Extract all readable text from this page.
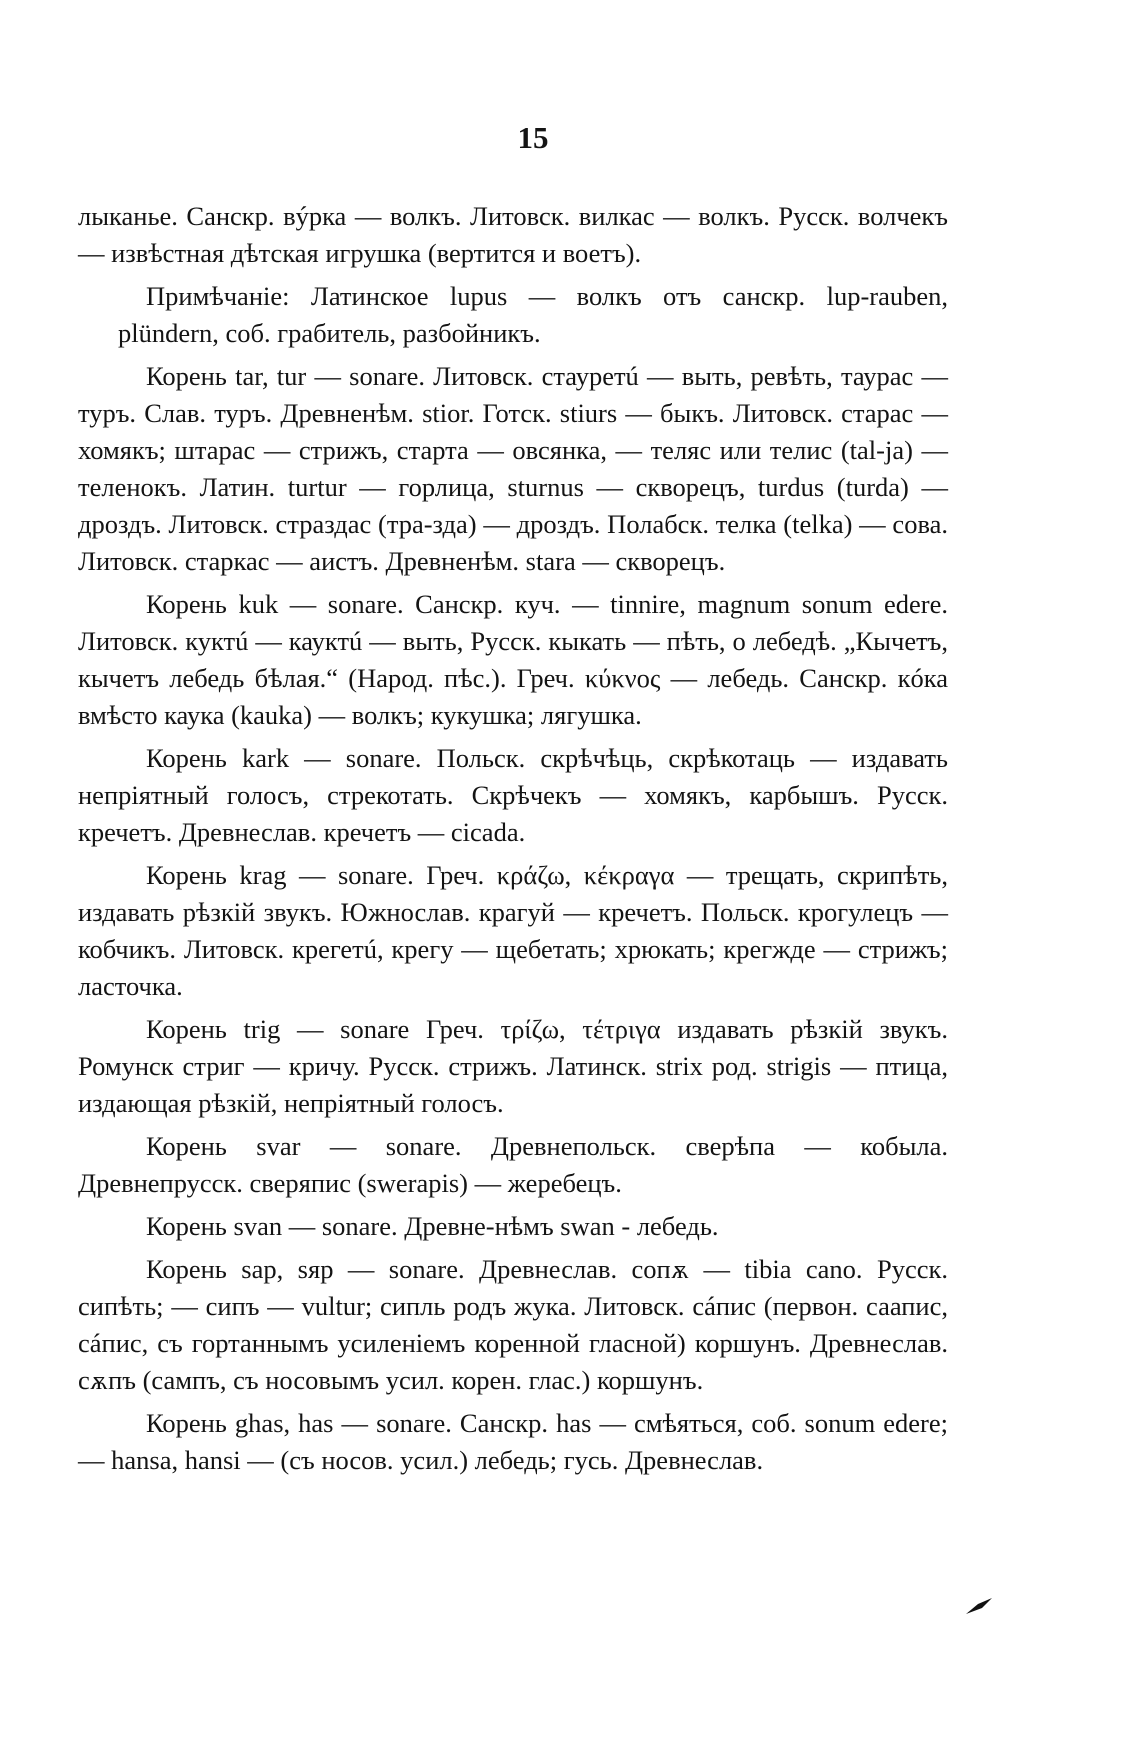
15

лыканье. Санскр. вýрка — волкъ. Литовск. вилкас — волкъ. Русск. волчекъ — извѣстная дѣтская игрушка (вертится и воетъ).

Примѣчаніе: Латинское lupus — волкъ отъ санскр. lup-rauben, plündern, соб. грабитель, разбойникъ.

Корень tar, tur — sonare. Литовск. стауретú — выть, ревѣть, таурас — туръ. Слав. туръ. Древненѣм. stior. Готск. stiurs — быкъ. Литовск. старас — хомякъ; штарас — стрижъ, старта — овсянка, — теляс или телис (tal-ja) — теленокъ. Латин. turtur — горлица, sturnus — скворецъ, turdus (turda) — дроздъ. Литовск. страздас (тра-зда) — дроздъ. Полабск. телка (telka) — сова. Литовск. старкас — аистъ. Древненѣм. stara — скворецъ.

Корень kuk — sonare. Санскр. куч. — tinnire, magnum sonum edere. Литовск. куктú — кауктú — выть, Русск. кыкать — пѣть, о лебедѣ. „Кычетъ, кычетъ лебедь бѣлая.“ (Народ. пѣс.). Греч. κύκνος — лебедь. Санскр. кóка вмѣсто каука (kauka) — волкъ; кукушка; лягушка.

Корень kark — sonare. Польск. скрѣчѣць, скрѣкотаць — издавать непріятный голосъ, стрекотать. Скрѣчекъ — хомякъ, карбышъ. Русск. кречетъ. Древнеслав. кречетъ — cicada.

Корень krag — sonare. Греч. κράζω, κέκραγα — трещать, скрипѣть, издавать рѣзкій звукъ. Южнослав. крагуй — кречетъ. Польск. крогулецъ — кобчикъ. Литовск. крегетú, крегу — щебетать; хрюкать; крегжде — стрижъ; ласточка.

Корень trig — sonare Греч. τρίζω, τέτριγα издавать рѣзкій звукъ. Ромунск стриг — кричу. Русск. стрижъ. Латинск. strix род. strigis — птица, издающая рѣзкій, непріятный голосъ.

Корень svar — sonare. Древнепольск. сверѣпа — кобыла. Древнепрусск. сверяпис (swerapis) — жеребецъ.

Корень svan — sonare. Древне-нѣмъ swan - лебедь.

Корень sap, sяр — sonare. Древнеслав. сопѫ — tibia cano. Русск. сипѣть; — сипъ — vultur; сипль родъ жука. Литовск. сáпис (первон. саапис, сáпис, съ гортаннымъ усиленіемъ коренной гласной) коршунъ. Древнеслав. сѫпъ (сампъ, съ носовымъ усил. корен. глас.) коршунъ.

Корень ghas, has — sonare. Санскр. has — смѣяться, соб. sonum edere; — hansa, hansi — (съ носов. усил.) лебедь; гусь. Древнеслав.
